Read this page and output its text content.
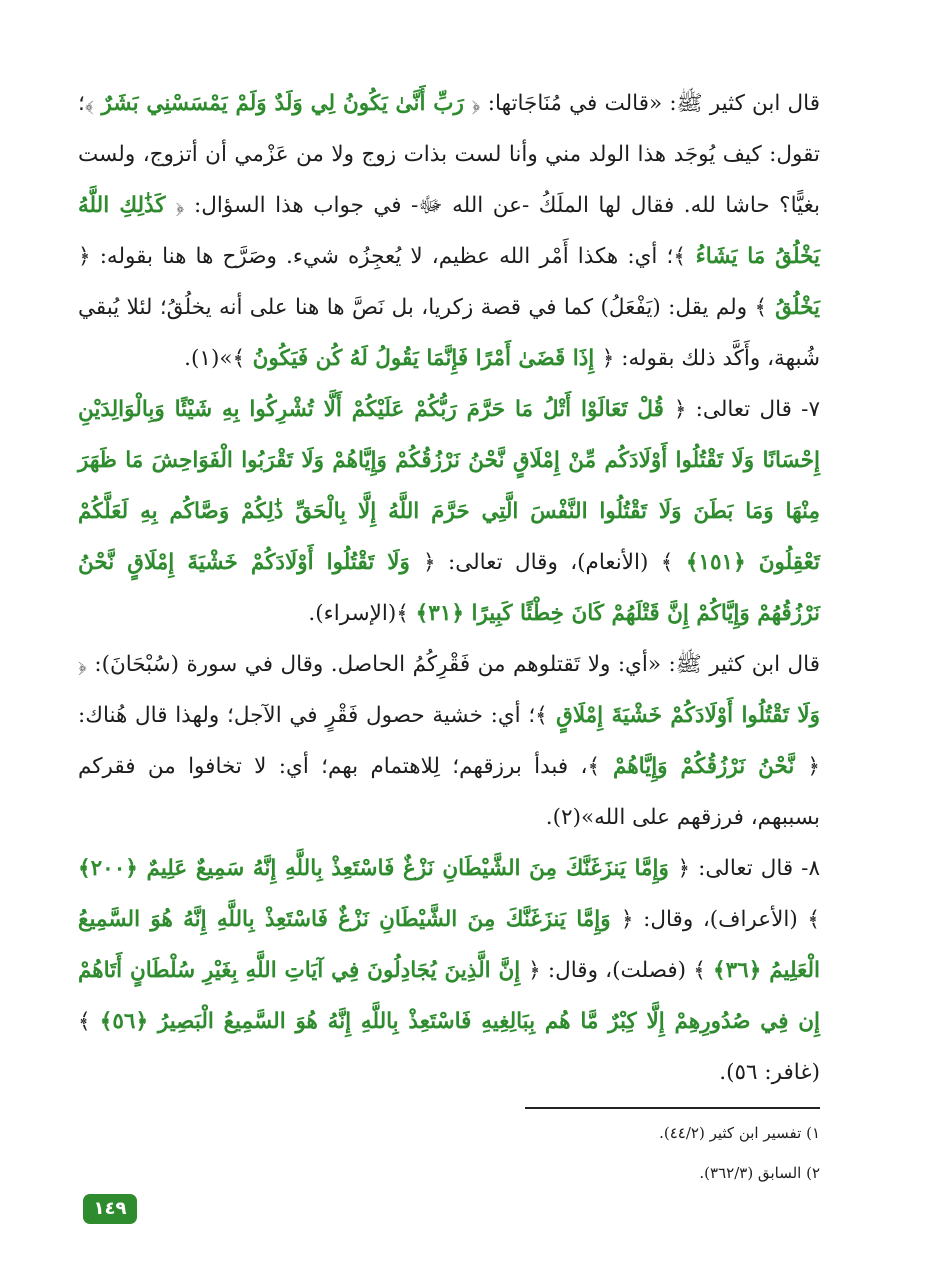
قال ابن كثير ﷺ: «قالت في مُنَاجَاتها: ﴿ رَبِّ أَنَّىٰ يَكُونُ لِي وَلَدٌ وَلَمْ يَمْسَسْنِي بَشَرٌ ﴾؛ تقول: كيف يُوجَد هذا الولد مني وأنا لست بذات زوج ولا من عَزْمي أن أتزوج، ولست بغيًّا؟ حاشا لله. فقال لها الملَكُ -عن الله ﷻ- في جواب هذا السؤال: ﴿ كَذَٰلِكِ اللَّهُ يَخْلُقُ مَا يَشَاءُ ﴾؛ أي: هكذا أَمْر الله عظيم، لا يُعجِزُه شيء. وصَرَّح ها هنا بقوله: ﴿ يَخْلُقُ ﴾ ولم يقل: (يَفْعَلُ) كما في قصة زكريا، بل نَصَّ ها هنا على أنه يخلُقُ؛ لئلا يُبقي شُبهة، وأَكَّد ذلك بقوله: ﴿ إِذَا قَضَىٰ أَمْرًا فَإِنَّمَا يَقُولُ لَهُ كُن فَيَكُونُ ﴾»(١).

٧- قال تعالى: ﴿ قُلْ تَعَالَوْا أَتْلُ مَا حَرَّمَ رَبُّكُمْ عَلَيْكُمْ أَلَّا تُشْرِكُوا بِهِ شَيْئًا وَبِالْوَالِدَيْنِ إِحْسَانًا وَلَا تَقْتُلُوا أَوْلَادَكُم مِّنْ إِمْلَاقٍ نَّحْنُ نَرْزُقُكُمْ وَإِيَّاهُمْ وَلَا تَقْرَبُوا الْفَوَاحِشَ مَا ظَهَرَ مِنْهَا وَمَا بَطَنَ وَلَا تَقْتُلُوا النَّفْسَ الَّتِي حَرَّمَ اللَّهُ إِلَّا بِالْحَقِّ ذَٰلِكُمْ وَصَّاكُم بِهِ لَعَلَّكُمْ تَعْقِلُونَ ﴿١٥١﴾ ﴾ (الأنعام)، وقال تعالى: ﴿ وَلَا تَقْتُلُوا أَوْلَادَكُمْ خَشْيَةَ إِمْلَاقٍ نَّحْنُ نَرْزُقُهُمْ وَإِيَّاكُمْ إِنَّ قَتْلَهُمْ كَانَ خِطْئًا كَبِيرًا ﴿٣١﴾ ﴾(الإسراء).

قال ابن كثير ﷺ: «أي: ولا تَقتلوهم من فَقْرِكُمُ الحاصل. وقال في سورة (سُبْحَانَ): ﴿ وَلَا تَقْتُلُوا أَوْلَادَكُمْ خَشْيَةَ إِمْلَاقٍ ﴾؛ أي: خشية حصول فَقْرٍ في الآجل؛ ولهذا قال هُناك: ﴿ نَّحْنُ نَرْزُقُكُمْ وَإِيَّاهُمْ ﴾، فبدأ برزقهم؛ لِلاهتمام بهم؛ أي: لا تخافوا من فقركم بسببهم، فرزقهم على الله»(٢).

٨- قال تعالى: ﴿ وَإِمَّا يَنزَغَنَّكَ مِنَ الشَّيْطَانِ نَزْغٌ فَاسْتَعِذْ بِاللَّهِ إِنَّهُ سَمِيعٌ عَلِيمٌ ﴿٢٠٠﴾ ﴾ (الأعراف)، وقال: ﴿ وَإِمَّا يَنزَغَنَّكَ مِنَ الشَّيْطَانِ نَزْغٌ فَاسْتَعِذْ بِاللَّهِ إِنَّهُ هُوَ السَّمِيعُ الْعَلِيمُ ﴿٣٦﴾ ﴾ (فصلت)، وقال: ﴿ إِنَّ الَّذِينَ يُجَادِلُونَ فِي آيَاتِ اللَّهِ بِغَيْرِ سُلْطَانٍ أَتَاهُمْ إِن فِي صُدُورِهِمْ إِلَّا كِبْرٌ مَّا هُم بِبَالِغِيهِ فَاسْتَعِذْ بِاللَّهِ إِنَّهُ هُوَ السَّمِيعُ الْبَصِيرُ ﴿٥٦﴾ ﴾ (غافر: ٥٦).

١) تفسير ابن كثير (٤٤/٢).
٢) السابق (٣٦٢/٣).
١٤٩
